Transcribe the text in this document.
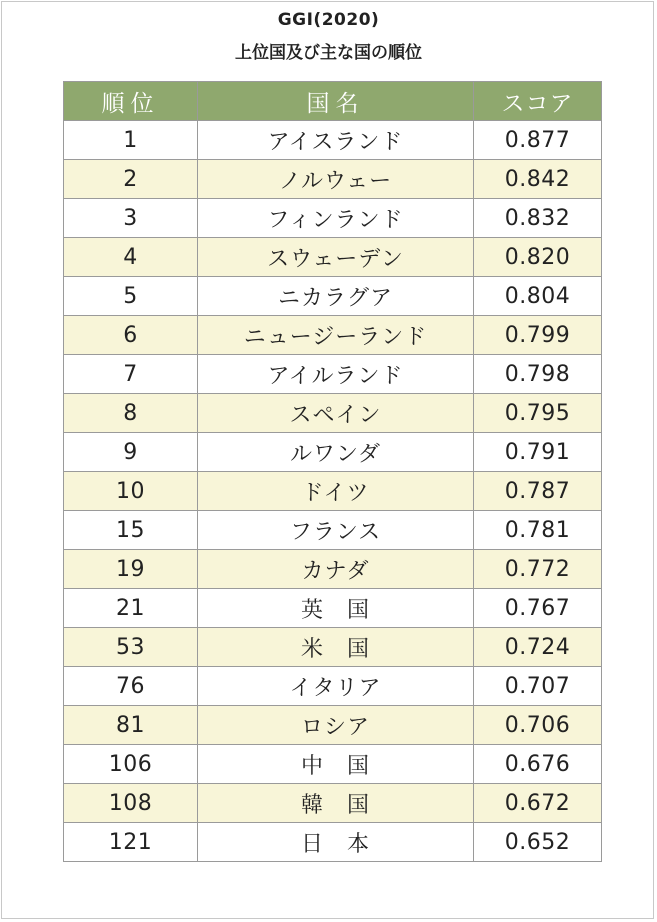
GGI(2020)
上位国及び主な国の順位
順位	国名	スコア
1	アイスランド	0.877
2	ノルウェー	0.842
3	フィンランド	0.832
4	スウェーデン	0.820
5	ニカラグア	0.804
6	ニュージーランド	0.799
7	アイルランド	0.798
8	スペイン	0.795
9	ルワンダ	0.791
10	ドイツ	0.787
15	フランス	0.781
19	カナダ	0.772
21	英　国	0.767
53	米　国	0.724
76	イタリア	0.707
81	ロシア	0.706
106	中　国	0.676
108	韓　国	0.672
121	日　本	0.652
